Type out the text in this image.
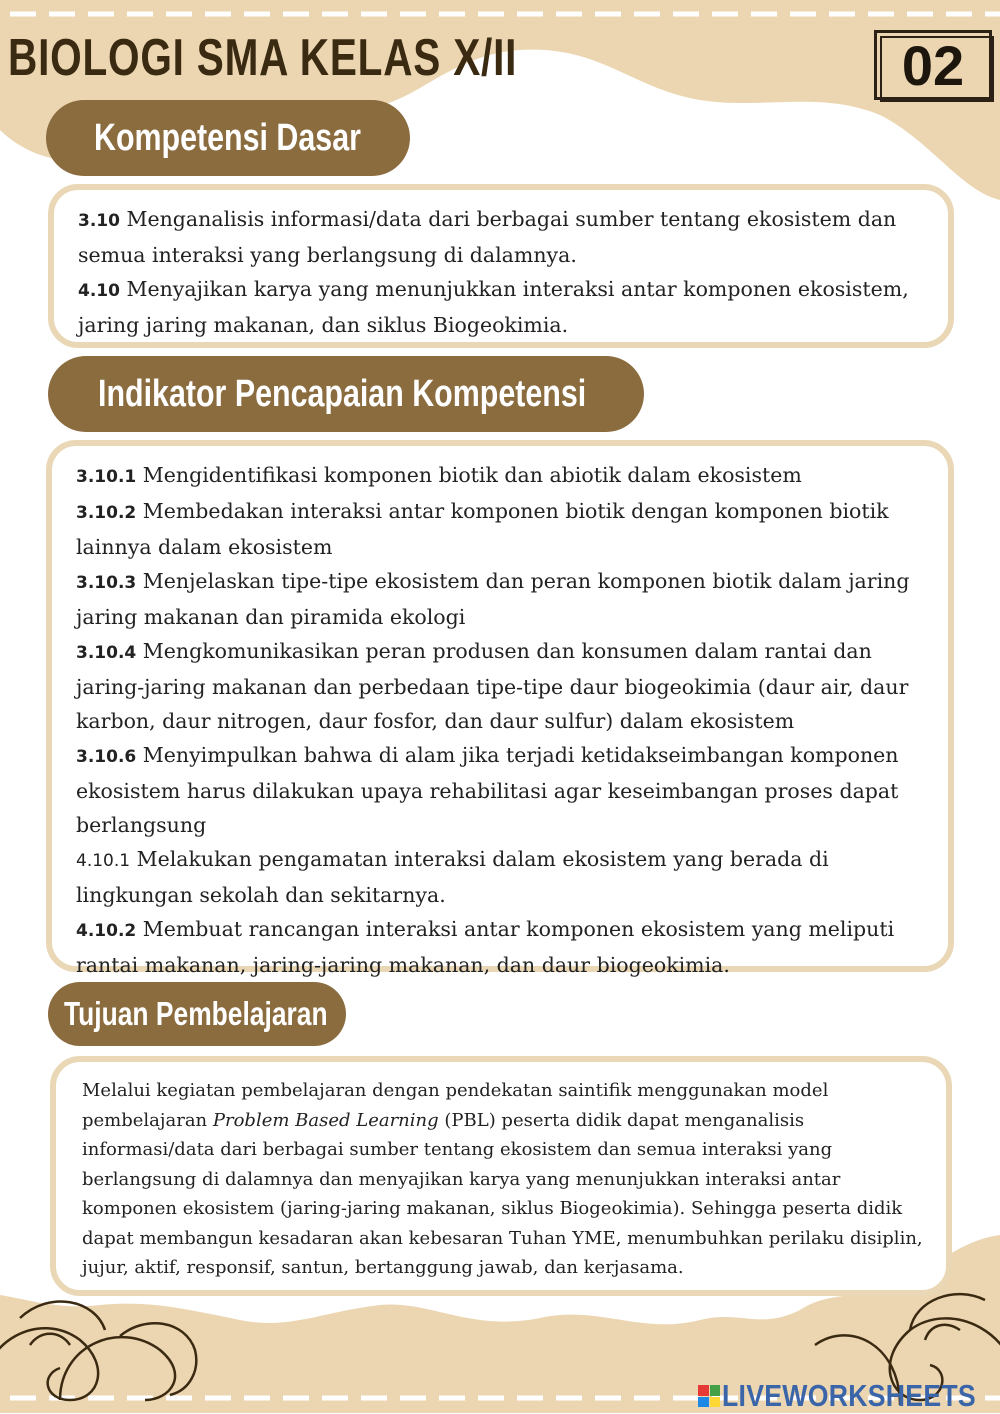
BIOLOGI SMA KELAS X/II	02
Kompetensi Dasar

3.10 Menganalisis informasi/data dari berbagai sumber tentang ekosistem dan semua interaksi yang berlangsung di dalamnya.

4.10 Menyajikan karya yang menunjukkan interaksi antar komponen ekosistem, jaring jaring makanan, dan siklus Biogeokimia.

Indikator Pencapaian Kompetensi

3.10.1 Mengidentifikasi komponen biotik dan abiotik dalam ekosistem

3.10.2 Membedakan interaksi antar komponen biotik dengan komponen biotik lainnya dalam ekosistem

3.10.3 Menjelaskan tipe-tipe ekosistem dan peran komponen biotik dalam jaring jaring makanan dan piramida ekologi

3.10.4 Mengkomunikasikan peran produsen dan konsumen dalam rantai dan jaring-jaring makanan dan perbedaan tipe-tipe daur biogeokimia (daur air, daur karbon, daur nitrogen, daur fosfor, dan daur sulfur) dalam ekosistem

3.10.6 Menyimpulkan bahwa di alam jika terjadi ketidakseimbangan komponen ekosistem harus dilakukan upaya rehabilitasi agar keseimbangan proses dapat berlangsung

4.10.1 Melakukan pengamatan interaksi dalam ekosistem yang berada di lingkungan sekolah dan sekitarnya.

4.10.2 Membuat rancangan interaksi antar komponen ekosistem yang meliputi rantai makanan, jaring-jaring makanan, dan daur biogeokimia.

Tujuan Pembelajaran

Melalui kegiatan pembelajaran dengan pendekatan saintifik menggunakan model pembelajaran Problem Based Learning (PBL) peserta didik dapat menganalisis informasi/data dari berbagai sumber tentang ekosistem dan semua interaksi yang berlangsung di dalamnya dan menyajikan karya yang menunjukkan interaksi antar komponen ekosistem (jaring-jaring makanan, siklus Biogeokimia). Sehingga peserta didik dapat membangun kesadaran akan kebesaran Tuhan YME, menumbuhkan perilaku disiplin, jujur, aktif, responsif, santun, bertanggung jawab, dan kerjasama.

LIVEWORKSHEETS
